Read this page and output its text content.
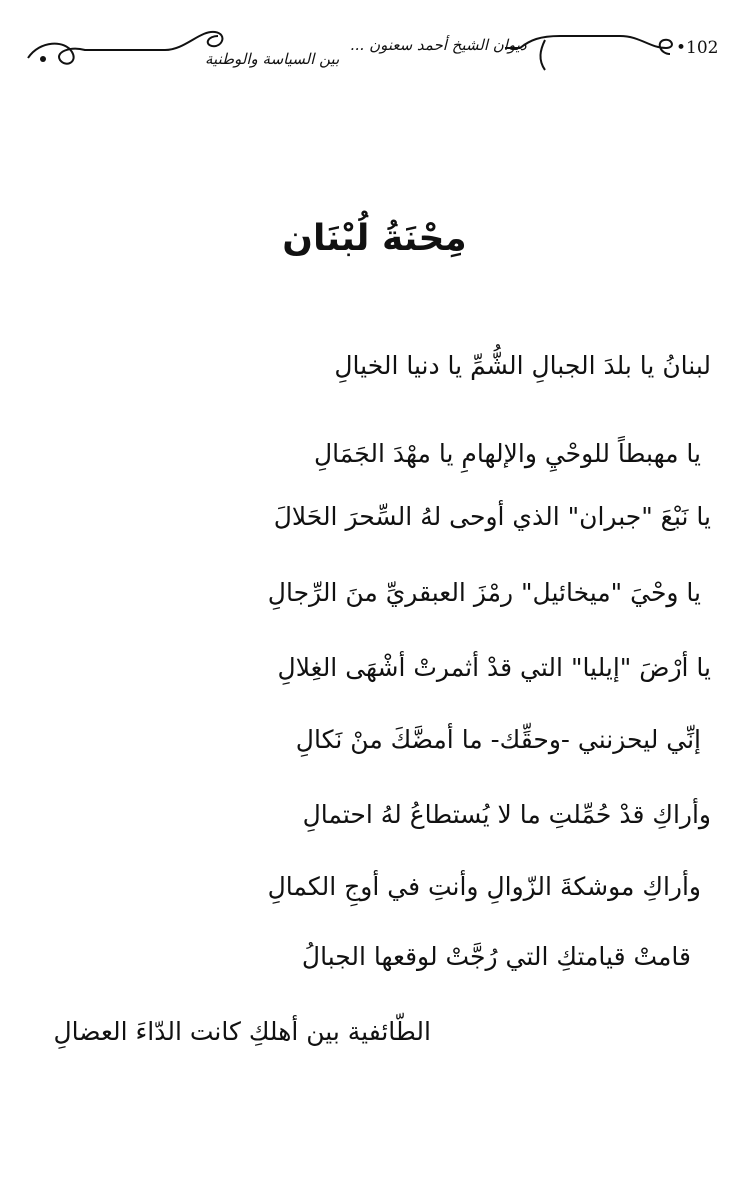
•102
ديوان الشيخ أحمد سعنون ...
بين السياسة والوطنية
مِحْنَةُ لُبْنَان
لبنانُ يا بلدَ الجبالِ الشُّمِّ يا دنيا الخيالِ
يا مهبطاً للوحْيِ والإلهامِ يا مهْدَ الجَمَالِ
يا نَبْعَ "جبران" الذي أوحى لهُ السِّحرَ الحَلالَ
يا وحْيَ "ميخائيل" رمْزَ العبقريِّ منَ الرِّجالِ
يا أرْضَ "إيليا" التي قدْ أثمرتْ أشْهَى الغِلالِ
إنِّي ليحزنني -وحقِّك- ما أمضَّكَ منْ نَكالِ
وأراكِ قدْ حُمِّلتِ ما لا يُستطاعُ لهُ احتمالِ
وأراكِ موشكةَ الزّوالِ وأنتِ في أوجِ الكمالِ
قامتْ قيامتكِ التي رُجَّتْ لوقعها الجبالُ
الطّائفية بين أهلكِ كانت الدّاءَ العضالِ
